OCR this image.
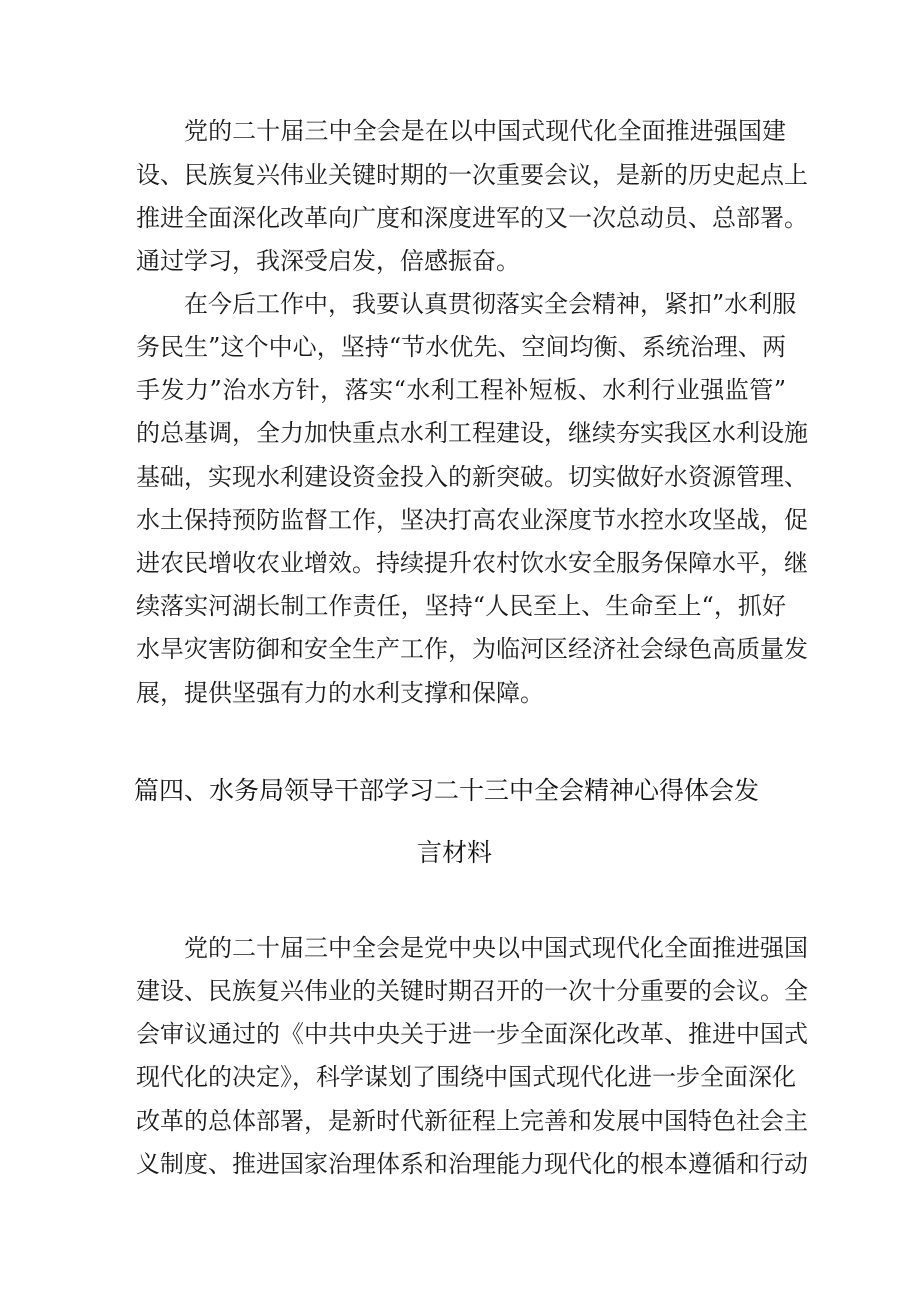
党的二十届三中全会是在以中国式现代化全面推进强国建
设、民族复兴伟业关键时期的一次重要会议，是新的历史起点上
推进全面深化改革向广度和深度进军的又一次总动员、总部署。
通过学习，我深受启发，倍感振奋。
在今后工作中，我要认真贯彻落实全会精神，紧扣”水利服
务民生”这个中心，坚持“节水优先、空间均衡、系统治理、两
手发力”治水方针，落实“水利工程补短板、水利行业强监管”
的总基调，全力加快重点水利工程建设，继续夯实我区水利设施
基础，实现水利建设资金投入的新突破。切实做好水资源管理、
水土保持预防监督工作，坚决打高农业深度节水控水攻坚战，促
进农民增收农业增效。持续提升农村饮水安全服务保障水平，继
续落实河湖长制工作责任，坚持“人民至上、生命至上“，抓好
水旱灾害防御和安全生产工作，为临河区经济社会绿色高质量发
展，提供坚强有力的水利支撑和保障。
篇四、水务局领导干部学习二十三中全会精神心得体会发
言材料
党的二十届三中全会是党中央以中国式现代化全面推进强国
建设、民族复兴伟业的关键时期召开的一次十分重要的会议。全
会审议通过的《中共中央关于进一步全面深化改革、推进中国式
现代化的决定》，科学谋划了围绕中国式现代化进一步全面深化
改革的总体部署，是新时代新征程上完善和发展中国特色社会主
义制度、推进国家治理体系和治理能力现代化的根本遵循和行动
